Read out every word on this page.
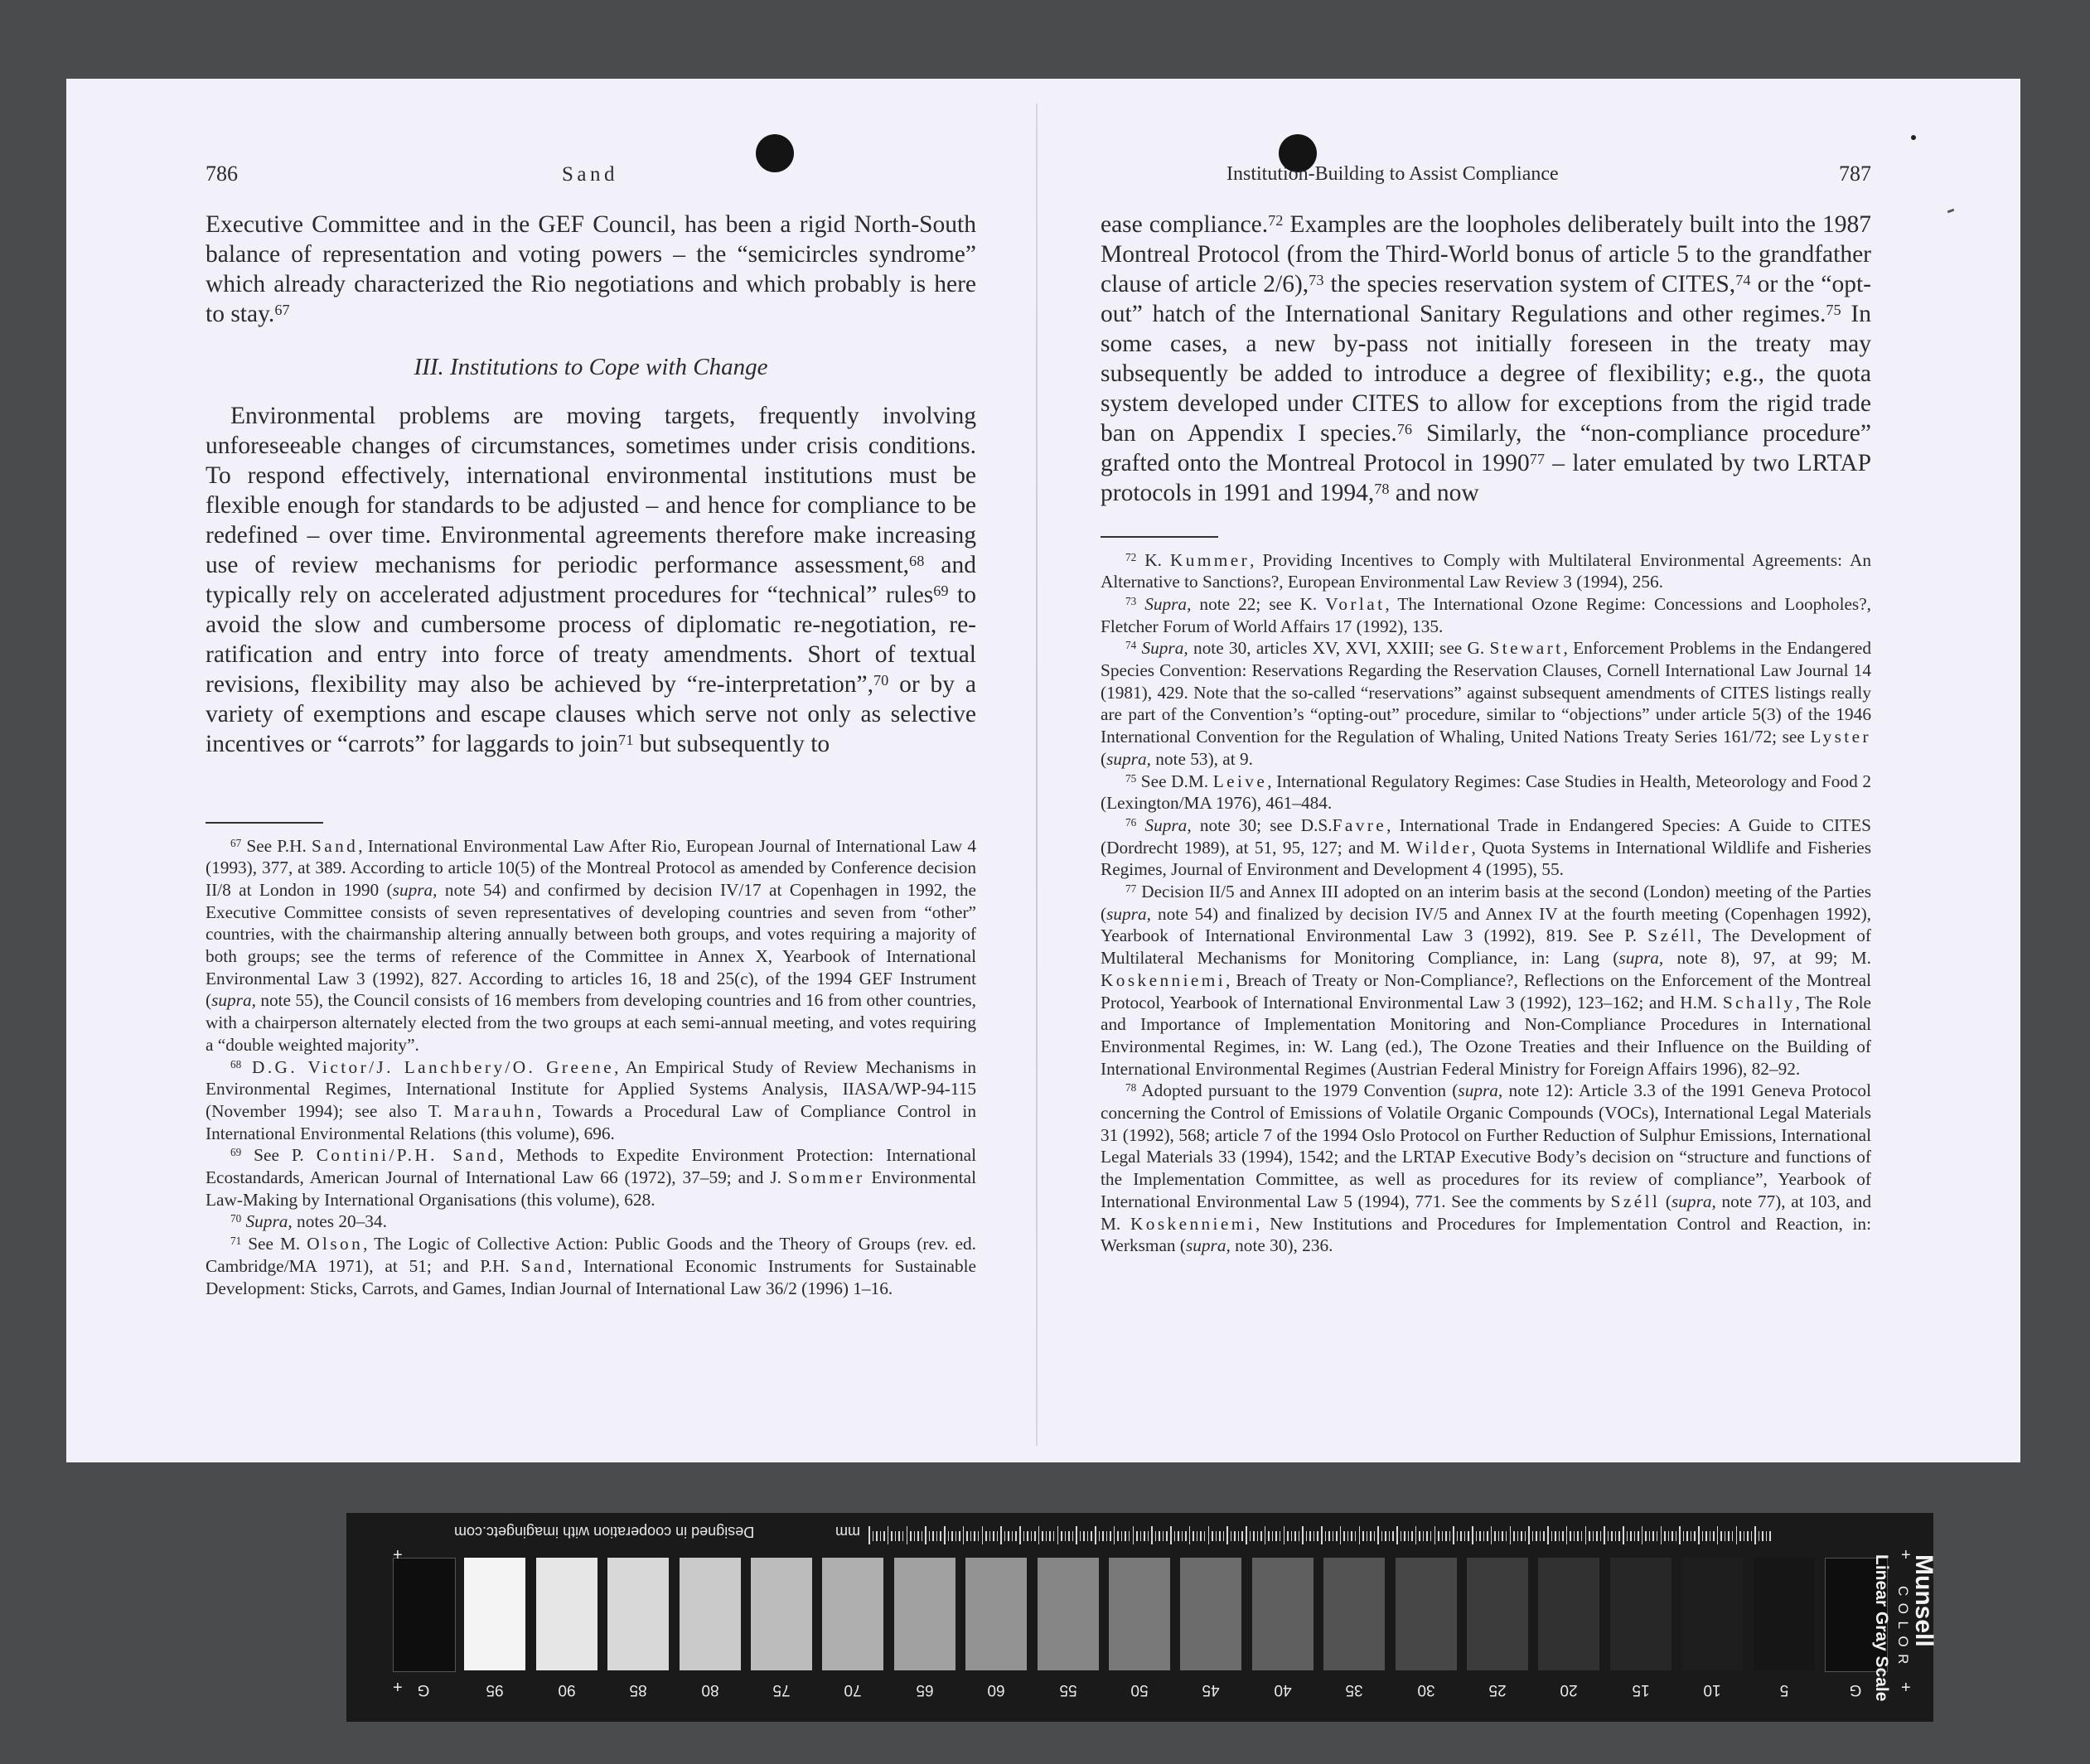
786	Sand

Executive Committee and in the GEF Council, has been a rigid North-South balance of representation and voting powers – the “semicircles syndrome” which already characterized the Rio negotiations and which probably is here to stay.$^{67}$

III. Institutions to Cope with Change

Environmental problems are moving targets, frequently involving unforeseeable changes of circumstances, sometimes under crisis conditions. To respond effectively, international environmental institutions must be flexible enough for standards to be adjusted – and hence for compliance to be redefined – over time. Environmental agreements therefore make increasing use of review mechanisms for periodic performance assessment,$^{68}$ and typically rely on accelerated adjustment procedures for “technical” rules$^{69}$ to avoid the slow and cumbersome process of diplomatic re-negotiation, re-ratification and entry into force of treaty amendments. Short of textual revisions, flexibility may also be achieved by “re-interpretation”,$^{70}$ or by a variety of exemptions and escape clauses which serve not only as selective incentives or “carrots” for laggards to join$^{71}$ but subsequently to

$^{67}$ See P.H. Sand, International Environmental Law After Rio, European Journal of International Law 4 (1993), 377, at 389. According to article 10(5) of the Montreal Protocol as amended by Conference decision II/8 at London in 1990 (supra, note 54) and confirmed by decision IV/17 at Copenhagen in 1992, the Executive Committee consists of seven representatives of developing countries and seven from “other” countries, with the chairmanship altering annually between both groups, and votes requiring a majority of both groups; see the terms of reference of the Committee in Annex X, Yearbook of International Environmental Law 3 (1992), 827. According to articles 16, 18 and 25(c), of the 1994 GEF Instrument (supra, note 55), the Council consists of 16 members from developing countries and 16 from other countries, with a chairperson alternately elected from the two groups at each semi-annual meeting, and votes requiring a “double weighted majority”.

$^{68}$ D.G. Victor/J. Lanchbery/O. Greene, An Empirical Study of Review Mechanisms in Environmental Regimes, International Institute for Applied Systems Analysis, IIASA/WP-94-115 (November 1994); see also T. Marauhn, Towards a Procedural Law of Compliance Control in International Environmental Relations (this volume), 696.

$^{69}$ See P. Contini/P.H. Sand, Methods to Expedite Environment Protection: International Ecostandards, American Journal of International Law 66 (1972), 37–59; and J. Sommer Environmental Law-Making by International Organisations (this volume), 628.

$^{70}$ Supra, notes 20–34.

$^{71}$ See M. Olson, The Logic of Collective Action: Public Goods and the Theory of Groups (rev. ed. Cambridge/MA 1971), at 51; and P.H. Sand, International Economic Instruments for Sustainable Development: Sticks, Carrots, and Games, Indian Journal of International Law 36/2 (1996) 1–16.

Institution-Building to Assist Compliance	787

ease compliance.$^{72}$ Examples are the loopholes deliberately built into the 1987 Montreal Protocol (from the Third-World bonus of article 5 to the grandfather clause of article 2/6),$^{73}$ the species reservation system of CITES,$^{74}$ or the “opt-out” hatch of the International Sanitary Regulations and other regimes.$^{75}$ In some cases, a new by-pass not initially foreseen in the treaty may subsequently be added to introduce a degree of flexibility; e.g., the quota system developed under CITES to allow for exceptions from the rigid trade ban on Appendix I species.$^{76}$ Similarly, the “non-compliance procedure” grafted onto the Montreal Protocol in 1990$^{77}$ – later emulated by two LRTAP protocols in 1991 and 1994,78 and now

$^{72}$ K. Kummer, Providing Incentives to Comply with Multilateral Environmental Agreements: An Alternative to Sanctions?, European Environmental Law Review 3 (1994), 256.

$^{73}$ Supra, note 22; see K. Vorlat, The International Ozone Regime: Concessions and Loopholes?, Fletcher Forum of World Affairs 17 (1992), 135.

$^{74}$ Supra, note 30, articles XV, XVI, XXIII; see G. Stewart, Enforcement Problems in the Endangered Species Convention: Reservations Regarding the Reservation Clauses, Cornell International Law Journal 14 (1981), 429. Note that the so-called “reservations” against subsequent amendments of CITES listings really are part of the Convention’s “opting-out” procedure, similar to “objections” under article 5(3) of the 1946 International Convention for the Regulation of Whaling, United Nations Treaty Series 161/72; see Lyster (supra, note 53), at 9.

$^{75}$ See D.M. Leive, International Regulatory Regimes: Case Studies in Health, Meteorology and Food 2 (Lexington/MA 1976), 461–484.

$^{76}$ Supra, note 30; see D.S.Favre, International Trade in Endangered Species: A Guide to CITES (Dordrecht 1989), at 51, 95, 127; and M. Wilder, Quota Systems in International Wildlife and Fisheries Regimes, Journal of Environment and Development 4 (1995), 55.

$^{77}$ Decision II/5 and Annex III adopted on an interim basis at the second (London) meeting of the Parties (supra, note 54) and finalized by decision IV/5 and Annex IV at the fourth meeting (Copenhagen 1992), Yearbook of International Environmental Law 3 (1992), 819. See P. Széll, The Development of Multilateral Mechanisms for Monitoring Compliance, in: Lang (supra, note 8), 97, at 99; M. Koskenniemi, Breach of Treaty or Non-Compliance?, Reflections on the Enforcement of the Montreal Protocol, Yearbook of International Environmental Law 3 (1992), 123–162; and H.M. Schally, The Role and Importance of Implementation Monitoring and Non-Compliance Procedures in International Environmental Regimes, in: W. Lang (ed.), The Ozone Treaties and their Influence on the Building of International Environmental Regimes (Austrian Federal Ministry for Foreign Affairs 1996), 82–92.

$^{78}$ Adopted pursuant to the 1979 Convention (supra, note 12): Article 3.3 of the 1991 Geneva Protocol concerning the Control of Emissions of Volatile Organic Compounds (VOCs), International Legal Materials 31 (1992), 568; article 7 of the 1994 Oslo Protocol on Further Reduction of Sulphur Emissions, International Legal Materials 33 (1994), 1542; and the LRTAP Executive Body’s decision on “structure and functions of the Implementation Committee, as well as procedures for its review of compliance”, Yearbook of International Environmental Law 5 (1994), 771. See the comments by Széll (supra, note 77), at 103, and M. Koskenniemi, New Institutions and Procedures for Implementation Control and Reaction, in: Werksman (supra, note 30), 236.

mm
Designed in cooperation with imagingetc.com
G	95	90	85	80	75	70	65	60	55	50	45	40	35	30	25	20	15	10	5	G
+
+
+
+
Munsell
COLOR
Linear Gray Scale
